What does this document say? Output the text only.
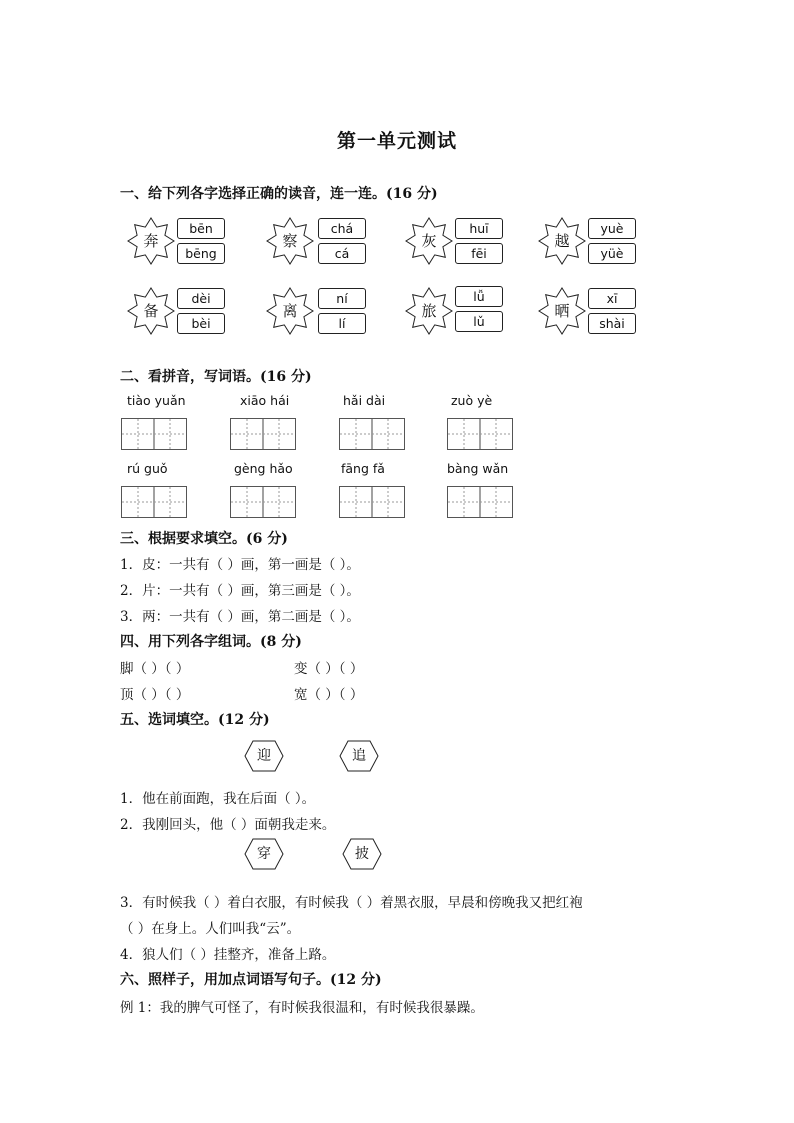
第一单元测试
一、给下列各字选择正确的读音，连一连。(16 分)
奔
bēn
bēng
察
chá
cá
灰
huī
fēi
越
yuè
yüè
备
dèi
bèi
离
ní
lí
旅
lǚ
lǔ
晒
xī
shài
二、看拼音，写词语。(16 分)
tiào yuǎn	xiāo hái	hǎi dài	zuò yè
rú guǒ	gèng hǎo	fāng fǎ	bàng wǎn
三、根据要求填空。(6 分)
1．皮：一共有（ ）画，第一画是（ ）。
2．片：一共有（ ）画，第三画是（ ）。
3．两：一共有（ ）画，第二画是（ ）。
四、用下列各字组词。(8 分)
脚（ ）（ ）	变（ ）（ ）
顶（ ）（ ）	宽（ ）（ ）
五、选词填空。(12 分)
迎	追
1．他在前面跑，我在后面（ ）。
2．我刚回头，他（ ）面朝我走来。
穿	披
3．有时候我（ ）着白衣服，有时候我（ ）着黑衣服，早晨和傍晚我又把红袍
（ ）在身上。人们叫我“云”。
4．狼人们（ ）挂整齐，准备上路。
六、照样子，用加点词语写句子。(12 分)
例 1：我的脾气可怪了，有时候我很温和，有时候我很暴躁。
